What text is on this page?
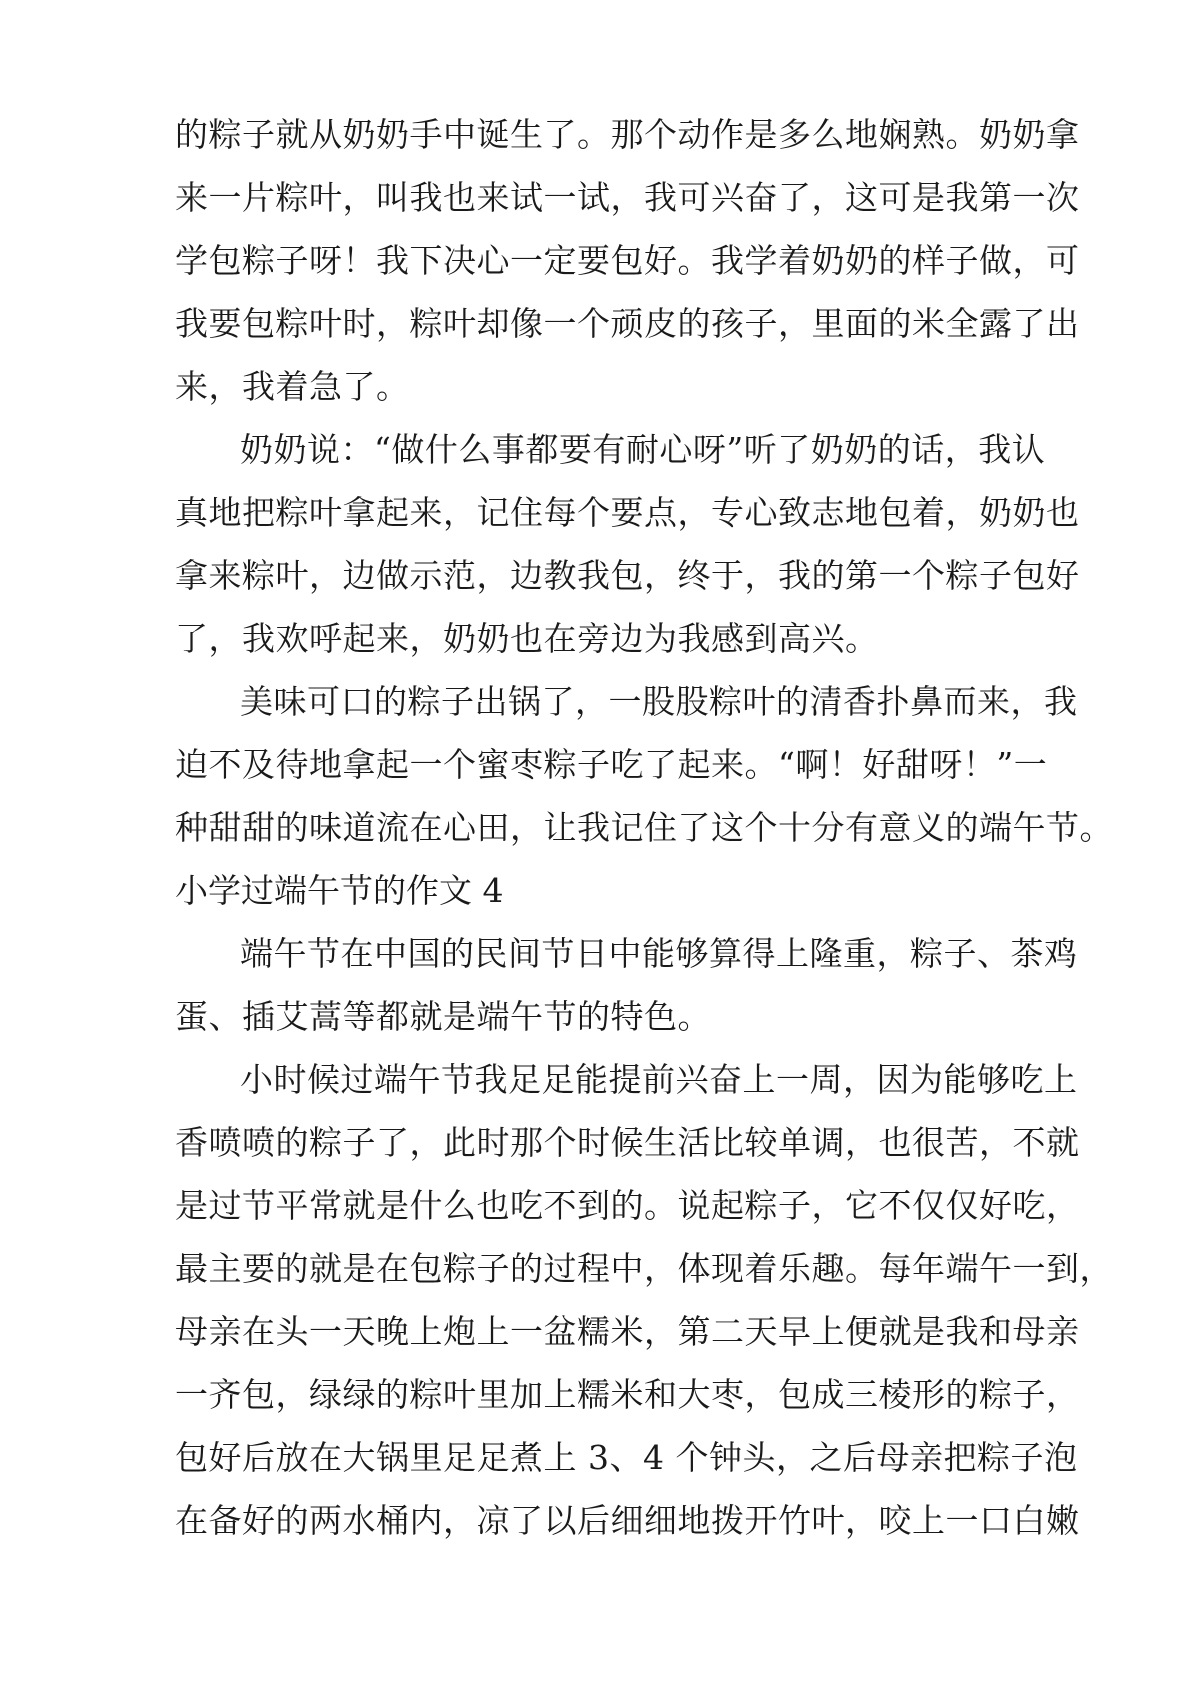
的粽子就从奶奶手中诞生了。那个动作是多么地娴熟。奶奶拿
来一片粽叶，叫我也来试一试，我可兴奋了，这可是我第一次
学包粽子呀！我下决心一定要包好。我学着奶奶的样子做，可
我要包粽叶时，粽叶却像一个顽皮的孩子，里面的米全露了出
来，我着急了。
奶奶说：“做什么事都要有耐心呀”听了奶奶的话，我认
真地把粽叶拿起来，记住每个要点，专心致志地包着，奶奶也
拿来粽叶，边做示范，边教我包，终于，我的第一个粽子包好
了，我欢呼起来，奶奶也在旁边为我感到高兴。
美味可口的粽子出锅了，一股股粽叶的清香扑鼻而来，我
迫不及待地拿起一个蜜枣粽子吃了起来。“啊！好甜呀！”一
种甜甜的味道流在心田，让我记住了这个十分有意义的端午节。
小学过端午节的作文 4
端午节在中国的民间节日中能够算得上隆重，粽子、茶鸡
蛋、插艾蒿等都就是端午节的特色。
小时候过端午节我足足能提前兴奋上一周，因为能够吃上
香喷喷的粽子了，此时那个时候生活比较单调，也很苦，不就
是过节平常就是什么也吃不到的。说起粽子，它不仅仅好吃，
最主要的就是在包粽子的过程中，体现着乐趣。每年端午一到，
母亲在头一天晚上炮上一盆糯米，第二天早上便就是我和母亲
一齐包，绿绿的粽叶里加上糯米和大枣，包成三棱形的粽子，
包好后放在大锅里足足煮上 3、4 个钟头，之后母亲把粽子泡
在备好的两水桶内，凉了以后细细地拨开竹叶，咬上一口白嫩
